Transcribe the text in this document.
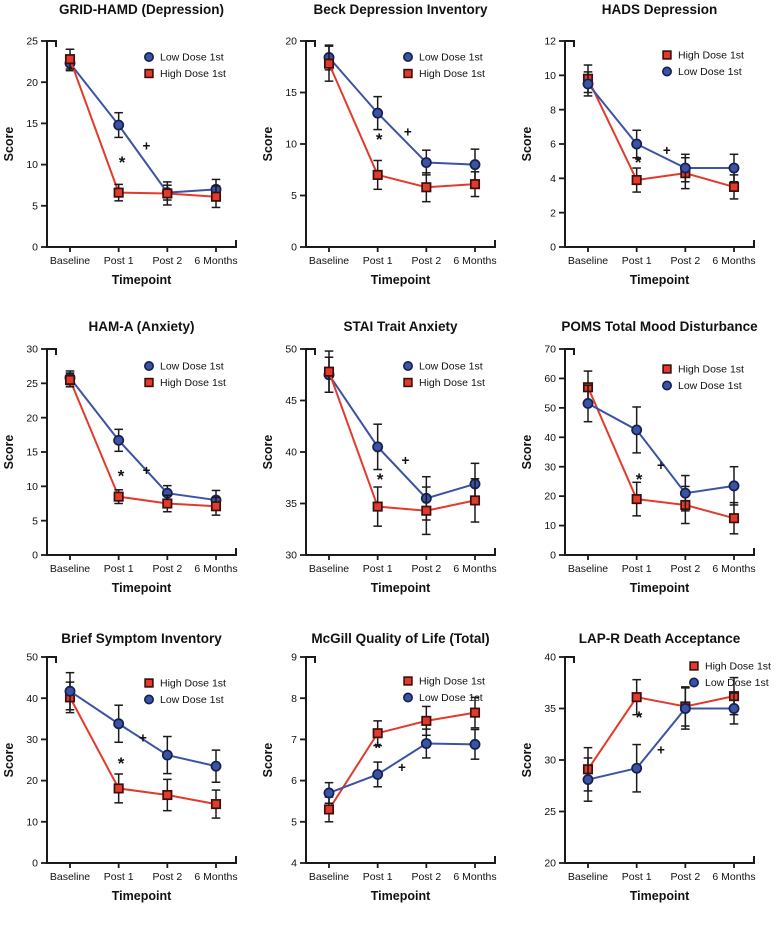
GRID-HAMD (Depression)
Score
Timepoint
0
5
10
15
20
25
Baseline Post 1 Post 2 6 Months
Low Dose 1st
High Dose 1st
*
+
Beck Depression Inventory
Score
Timepoint
0
5
10
15
20
Baseline Post 1 Post 2 6 Months
Low Dose 1st
High Dose 1st
* +
HADS Depression
Score
Timepoint
0
2
4
6
8
10
12
Baseline Post 1 Post 2 6 Months
High Dose 1st
Low Dose 1st
*
+
HAM-A (Anxiety)
Score
Timepoint
0
5
10
15
20
25
30
Baseline Post 1 Post 2 6 Months
Low Dose 1st
High Dose 1st
* +
STAI Trait Anxiety
Score
Timepoint
30
35
40
45
50
Baseline Post 1 Post 2 6 Months
Low Dose 1st
High Dose 1st
*
+
POMS Total Mood Disturbance
Score
Timepoint
0
10
20
30
40
50
60
70
Baseline Post 1 Post 2 6 Months
High Dose 1st
Low Dose 1st
*
+
Brief Symptom Inventory
Score
Timepoint
0
10
20
30
40
50
Baseline Post 1 Post 2 6 Months
High Dose 1st
Low Dose 1st
*
+
McGill Quality of Life (Total)
Score
Timepoint
4
5
6
7
8
9
Baseline Post 1 Post 2 6 Months
High Dose 1st
Low Dose 1st
*
+
LAP-R Death Acceptance
Score
Timepoint
20
25
30
35
40
Baseline Post 1 Post 2 6 Months
High Dose 1st
Low Dose 1st
*
+
